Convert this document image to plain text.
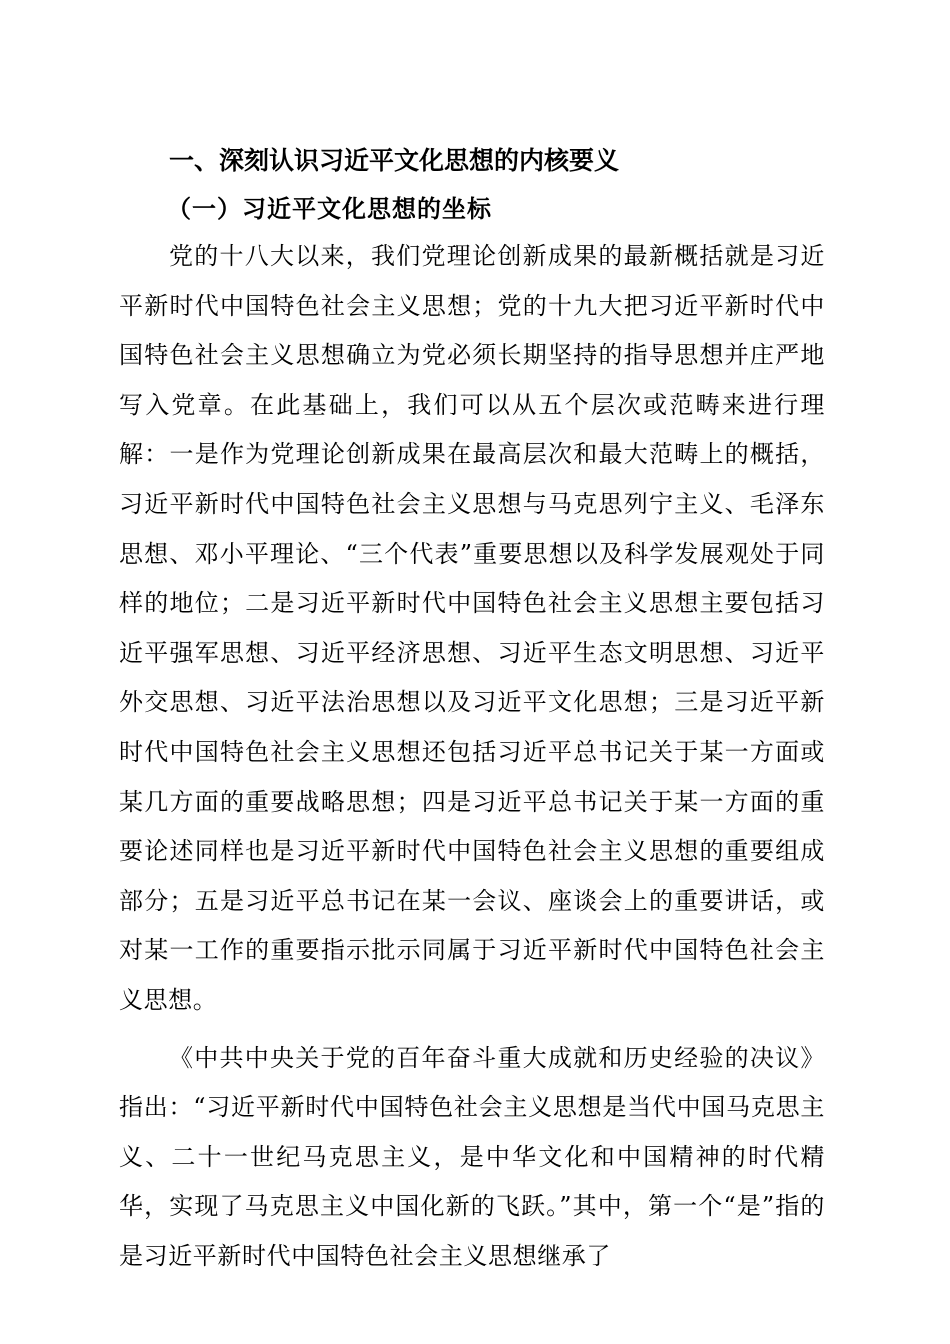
一、深刻认识习近平文化思想的内核要义
（一）习近平文化思想的坐标

党的十八大以来，我们党理论创新成果的最新概括就是习近平新时代中国特色社会主义思想；党的十九大把习近平新时代中国特色社会主义思想确立为党必须长期坚持的指导思想并庄严地写入党章。在此基础上，我们可以从五个层次或范畴来进行理解：一是作为党理论创新成果在最高层次和最大范畴上的概括，习近平新时代中国特色社会主义思想与马克思列宁主义、毛泽东思想、邓小平理论、“三个代表”重要思想以及科学发展观处于同样的地位；二是习近平新时代中国特色社会主义思想主要包括习近平强军思想、习近平经济思想、习近平生态文明思想、习近平外交思想、习近平法治思想以及习近平文化思想；三是习近平新时代中国特色社会主义思想还包括习近平总书记关于某一方面或某几方面的重要战略思想；四是习近平总书记关于某一方面的重要论述同样也是习近平新时代中国特色社会主义思想的重要组成部分；五是习近平总书记在某一会议、座谈会上的重要讲话，或对某一工作的重要指示批示同属于习近平新时代中国特色社会主义思想。

《中共中央关于党的百年奋斗重大成就和历史经验的决议》指出：“习近平新时代中国特色社会主义思想是当代中国马克思主义、二十一世纪马克思主义，是中华文化和中国精神的时代精华，实现了马克思主义中国化新的飞跃。”其中，第一个“是”指的是习近平新时代中国特色社会主义思想继承了
